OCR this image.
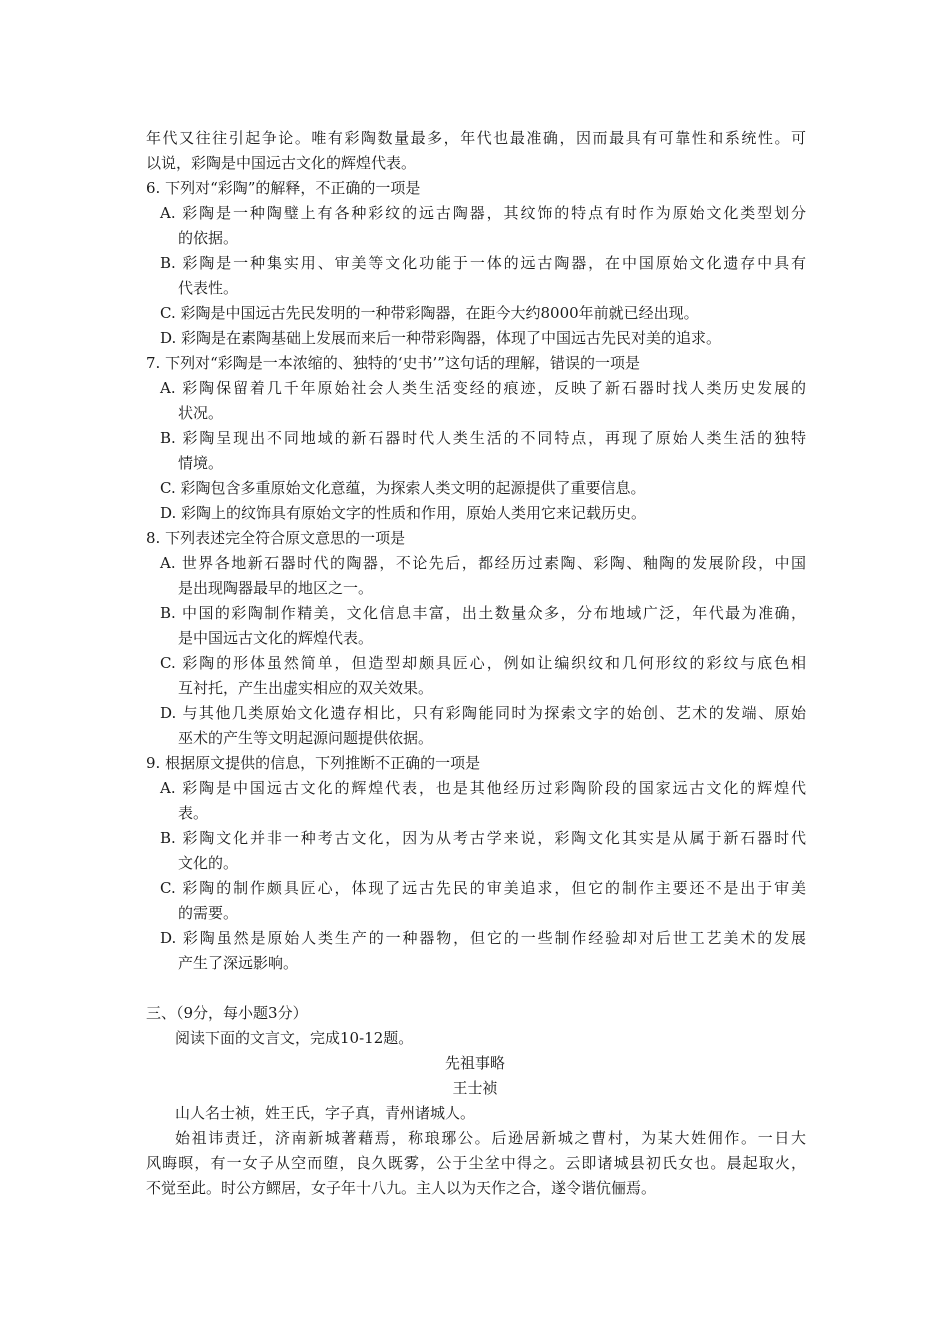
年代又往往引起争论。唯有彩陶数量最多，年代也最准确，因而最具有可靠性和系统性。可
以说，彩陶是中国远古文化的辉煌代表。
6. 下列对“彩陶”的解释，不正确的一项是
A. 彩陶是一种陶璧上有各种彩纹的远古陶器，其纹饰的特点有时作为原始文化类型划分
的依据。
B. 彩陶是一种集实用、审美等文化功能于一体的远古陶器，在中国原始文化遗存中具有
代表性。
C. 彩陶是中国远古先民发明的一种带彩陶器，在距今大约8000年前就已经出现。
D. 彩陶是在素陶基础上发展而来后一种带彩陶器，体现了中国远古先民对美的追求。
7. 下列对“彩陶是一本浓缩的、独特的‘史书’”这句话的理解，错误的一项是
A. 彩陶保留着几千年原始社会人类生活变经的痕迹，反映了新石器时找人类历史发展的
状况。
B. 彩陶呈现出不同地域的新石器时代人类生活的不同特点，再现了原始人类生活的独特
情境。
C. 彩陶包含多重原始文化意蕴，为探索人类文明的起源提供了重要信息。
D. 彩陶上的纹饰具有原始文字的性质和作用，原始人类用它来记载历史。
8. 下列表述完全符合原文意思的一项是
A. 世界各地新石器时代的陶器，不论先后，都经历过素陶、彩陶、釉陶的发展阶段，中国
是出现陶器最早的地区之一。
B. 中国的彩陶制作精美，文化信息丰富，出土数量众多，分布地域广泛，年代最为准确，
是中国远古文化的辉煌代表。
C. 彩陶的形体虽然简单，但造型却颇具匠心，例如让编织纹和几何形纹的彩纹与底色相
互衬托，产生出虚实相应的双关效果。
D. 与其他几类原始文化遗存相比，只有彩陶能同时为探索文字的始创、艺术的发端、原始
巫术的产生等文明起源问题提供依据。
9. 根据原文提供的信息，下列推断不正确的一项是
A. 彩陶是中国远古文化的辉煌代表，也是其他经历过彩陶阶段的国家远古文化的辉煌代
表。
B. 彩陶文化并非一种考古文化，因为从考古学来说，彩陶文化其实是从属于新石器时代
文化的。
C. 彩陶的制作颇具匠心，体现了远古先民的审美追求，但它的制作主要还不是出于审美
的需要。
D. 彩陶虽然是原始人类生产的一种器物，但它的一些制作经验却对后世工艺美术的发展
产生了深远影响。
三、（9分，每小题3分）
阅读下面的文言文，完成10-12题。
先祖事略
王士祯
山人名士祯，姓王氏，字子真，青州诸城人。
始祖讳责迁，济南新城著藉焉，称琅琊公。后逊居新城之曹村，为某大姓佣作。一日大
风晦暝，有一女子从空而堕，良久既雾，公于尘坌中得之。云即诸城县初氏女也。晨起取火，
不觉至此。时公方鳏居，女子年十八九。主人以为天作之合，遂令谐伉俪焉。
